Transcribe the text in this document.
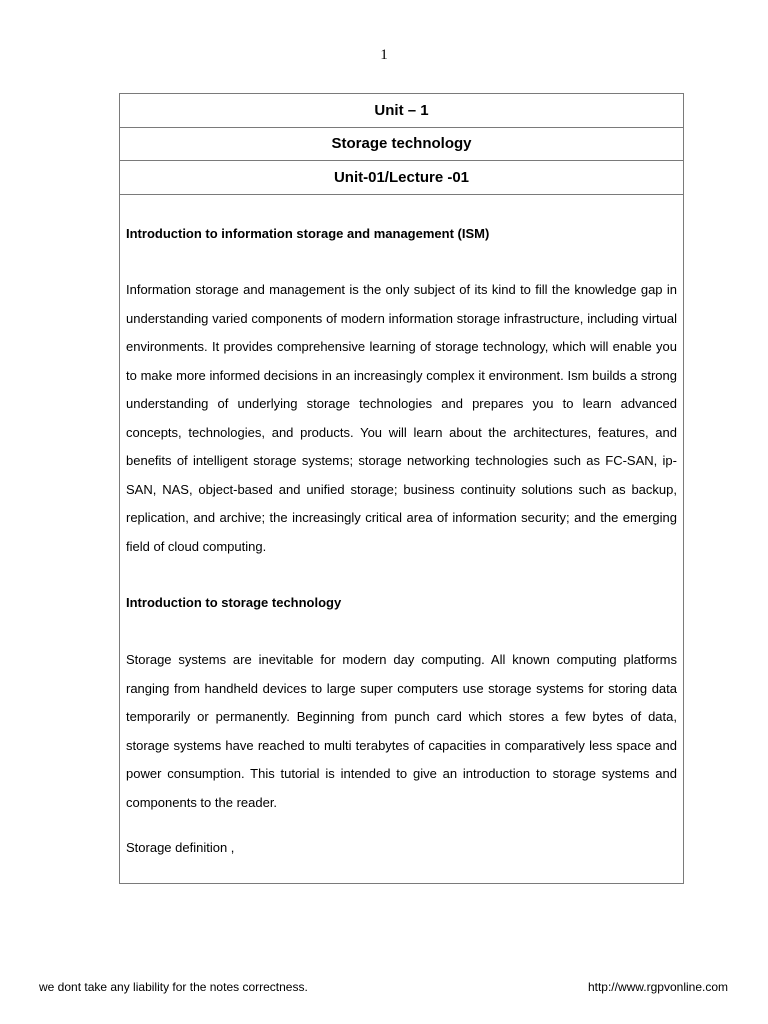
1
Unit – 1
Storage technology
Unit-01/Lecture -01
Introduction to information storage and management (ISM)
Information storage and management is the only subject of its kind to fill the knowledge gap in understanding varied components of modern information storage infrastructure, including virtual environments. It provides comprehensive learning of storage technology, which will enable you to make more informed decisions in an increasingly complex it environment. Ism builds a strong understanding of underlying storage technologies and prepares you to learn advanced concepts, technologies, and products. You will learn about the architectures, features, and benefits of intelligent storage systems; storage networking technologies such as FC-SAN, ip-SAN, NAS, object-based and unified storage; business continuity solutions such as backup, replication, and archive; the increasingly critical area of information security; and the emerging field of cloud computing.
Introduction to storage technology
Storage systems are inevitable for modern day computing. All known computing platforms ranging from handheld devices to large super computers use storage systems for storing data temporarily or permanently. Beginning from punch card which stores a few bytes of data, storage systems have reached to multi terabytes of capacities in comparatively less space and power consumption. This tutorial is intended to give an introduction to storage systems and components to the reader.
Storage definition ,
we dont take any liability for the notes correctness.	http://www.rgpvonline.com
